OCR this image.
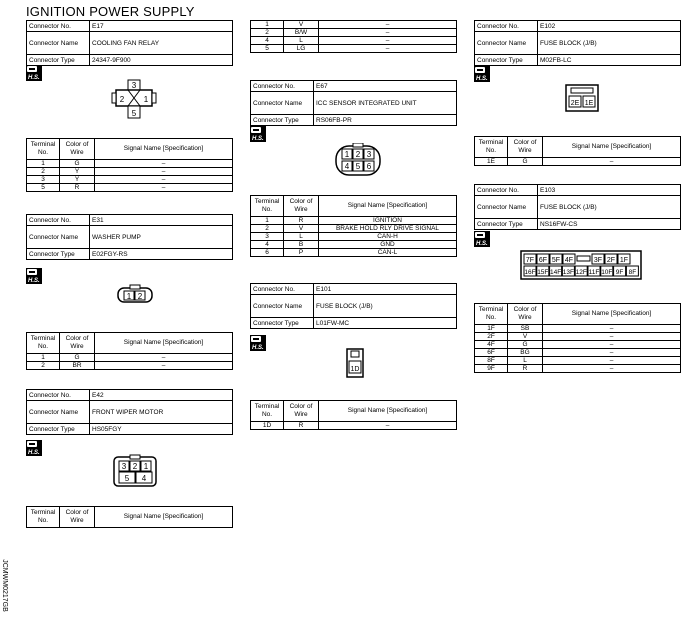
IGNITION POWER SUPPLY
Connector No.	E17
Connector Name	COOLING FAN RELAY
Connector Type	24347-9F900
H.S.
3
2 1
5
Terminal No.	Color of Wire	Signal Name [Specification]
1	G	–
2	Y	–
3	Y	–
5	R	–
Connector No.	E31
Connector Name	WASHER PUMP
Connector Type	E02FGY-RS
H.S.
1 2
Terminal No.	Color of Wire	Signal Name [Specification]
1	G	–
2	BR	–
Connector No.	E42
Connector Name	FRONT WIPER MOTOR
Connector Type	HS05FGY
H.S.
3 2 1
5 4
Terminal No.	Color of Wire	Signal Name [Specification]
JCMWM0217GB
1	V	–
2	B/W	–
4	L	–
5	LG	–
Connector No.	E67
Connector Name	ICC SENSOR INTEGRATED UNIT
Connector Type	RS06FB-PR
H.S.
1 2 3
4 5 6
Terminal No.	Color of Wire	Signal Name [Specification]
1	R	IGNITION
2	V	BRAKE HOLD RLY DRIVE SIGNAL
3	L	CAN-H
4	B	GND
6	P	CAN-L
Connector No.	E101
Connector Name	FUSE BLOCK (J/B)
Connector Type	L01FW-MC
H.S.
1D
Terminal No.	Color of Wire	Signal Name [Specification]
1D	R	–
Connector No.	E102
Connector Name	FUSE BLOCK (J/B)
Connector Type	M02FB-LC
H.S.
2E 1E
Terminal No.	Color of Wire	Signal Name [Specification]
1E	G	–
Connector No.	E103
Connector Name	FUSE BLOCK (J/B)
Connector Type	NS16FW-CS
H.S.
7F 6F 5F 4F	3F 2F 1F
16F 15F 14F 13F 12F 11F 10F 9F 8F
Terminal No.	Color of Wire	Signal Name [Specification]
1F	SB	–
2F	V	–
4F	G	–
6F	BG	–
8F	L	–
9F	R	–
